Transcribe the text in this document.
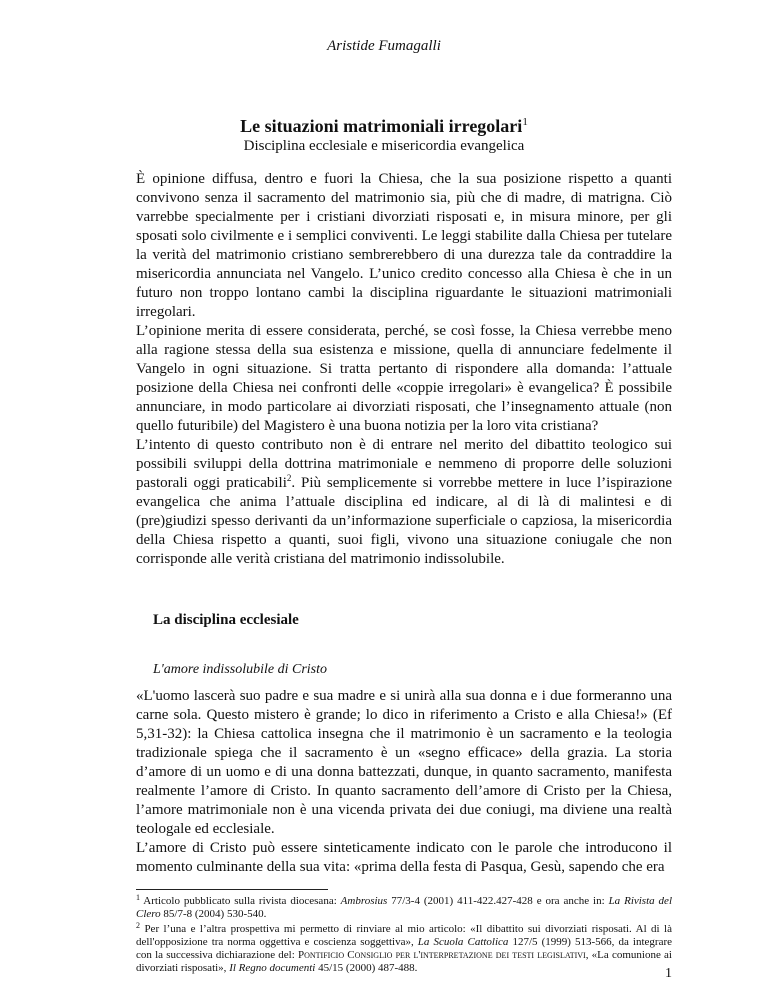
Aristide Fumagalli
Le situazioni matrimoniali irregolari$^1$
Disciplina ecclesiale e misericordia evangelica

È opinione diffusa, dentro e fuori la Chiesa, che la sua posizione rispetto a quanti convivono senza il sacramento del matrimonio sia, più che di madre, di matrigna. Ciò varrebbe specialmente per i cristiani divorziati risposati e, in misura minore, per gli sposati solo civilmente e i semplici conviventi. Le leggi stabilite dalla Chiesa per tutelare la verità del matrimonio cristiano sembrerebbero di una durezza tale da contraddire la misericordia annunciata nel Vangelo. L’unico credito concesso alla Chiesa è che in un futuro non troppo lontano cambi la disciplina riguardante le situazioni matrimoniali irregolari.

L’opinione merita di essere considerata, perché, se così fosse, la Chiesa verrebbe meno alla ragione stessa della sua esistenza e missione, quella di annunciare fedelmente il Vangelo in ogni situazione. Si tratta pertanto di rispondere alla domanda: l’attuale posizione della Chiesa nei confronti delle «coppie irregolari» è evangelica? È possibile annunciare, in modo particolare ai divorziati risposati, che l’insegnamento attuale (non quello futuribile) del Magistero è una buona notizia per la loro vita cristiana?

L’intento di questo contributo non è di entrare nel merito del dibattito teologico sui possibili sviluppi della dottrina matrimoniale e nemmeno di proporre delle soluzioni pastorali oggi praticabili$^2$. Più semplicemente si vorrebbe mettere in luce l’ispirazione evangelica che anima l’attuale disciplina ed indicare, al di là di malintesi e di (pre)giudizi spesso derivanti da un’informazione superficiale o capziosa, la misericordia della Chiesa rispetto a quanti, suoi figli, vivono una situazione coniugale che non corrisponde alle verità cristiana del matrimonio indissolubile.

La disciplina ecclesiale
L'amore indissolubile di Cristo

«L'uomo lascerà suo padre e sua madre e si unirà alla sua donna e i due formeranno una carne sola. Questo mistero è grande; lo dico in riferimento a Cristo e alla Chiesa!» (Ef 5,31-32): la Chiesa cattolica insegna che il matrimonio è un sacramento e la teologia tradizionale spiega che il sacramento è un «segno efficace» della grazia. La storia d’amore di un uomo e di una donna battezzati, dunque, in quanto sacramento, manifesta realmente l’amore di Cristo. In quanto sacramento dell’amore di Cristo per la Chiesa, l’amore matrimoniale non è una vicenda privata dei due coniugi, ma diviene una realtà teologale ed ecclesiale.

L’amore di Cristo può essere sinteticamente indicato con le parole che introducono il momento culminante della sua vita: «prima della festa di Pasqua, Gesù, sapendo che era

$^1$ Articolo pubblicato sulla rivista diocesana: Ambrosius 77/3-4 (2001) 411-422.427-428 e ora anche in: La Rivista del Clero 85/7-8 (2004) 530-540.

$^2$ Per l’una e l’altra prospettiva mi permetto di rinviare al mio articolo: «Il dibattito sui divorziati risposati. Al di là dell'opposizione tra norma oggettiva e coscienza soggettiva», La Scuola Cattolica 127/5 (1999) 513-566, da integrare con la successiva dichiarazione del: Pontificio Consiglio per l'interpretazione dei testi legislativi, «La comunione ai divorziati risposati», Il Regno documenti 45/15 (2000) 487-488.	1
